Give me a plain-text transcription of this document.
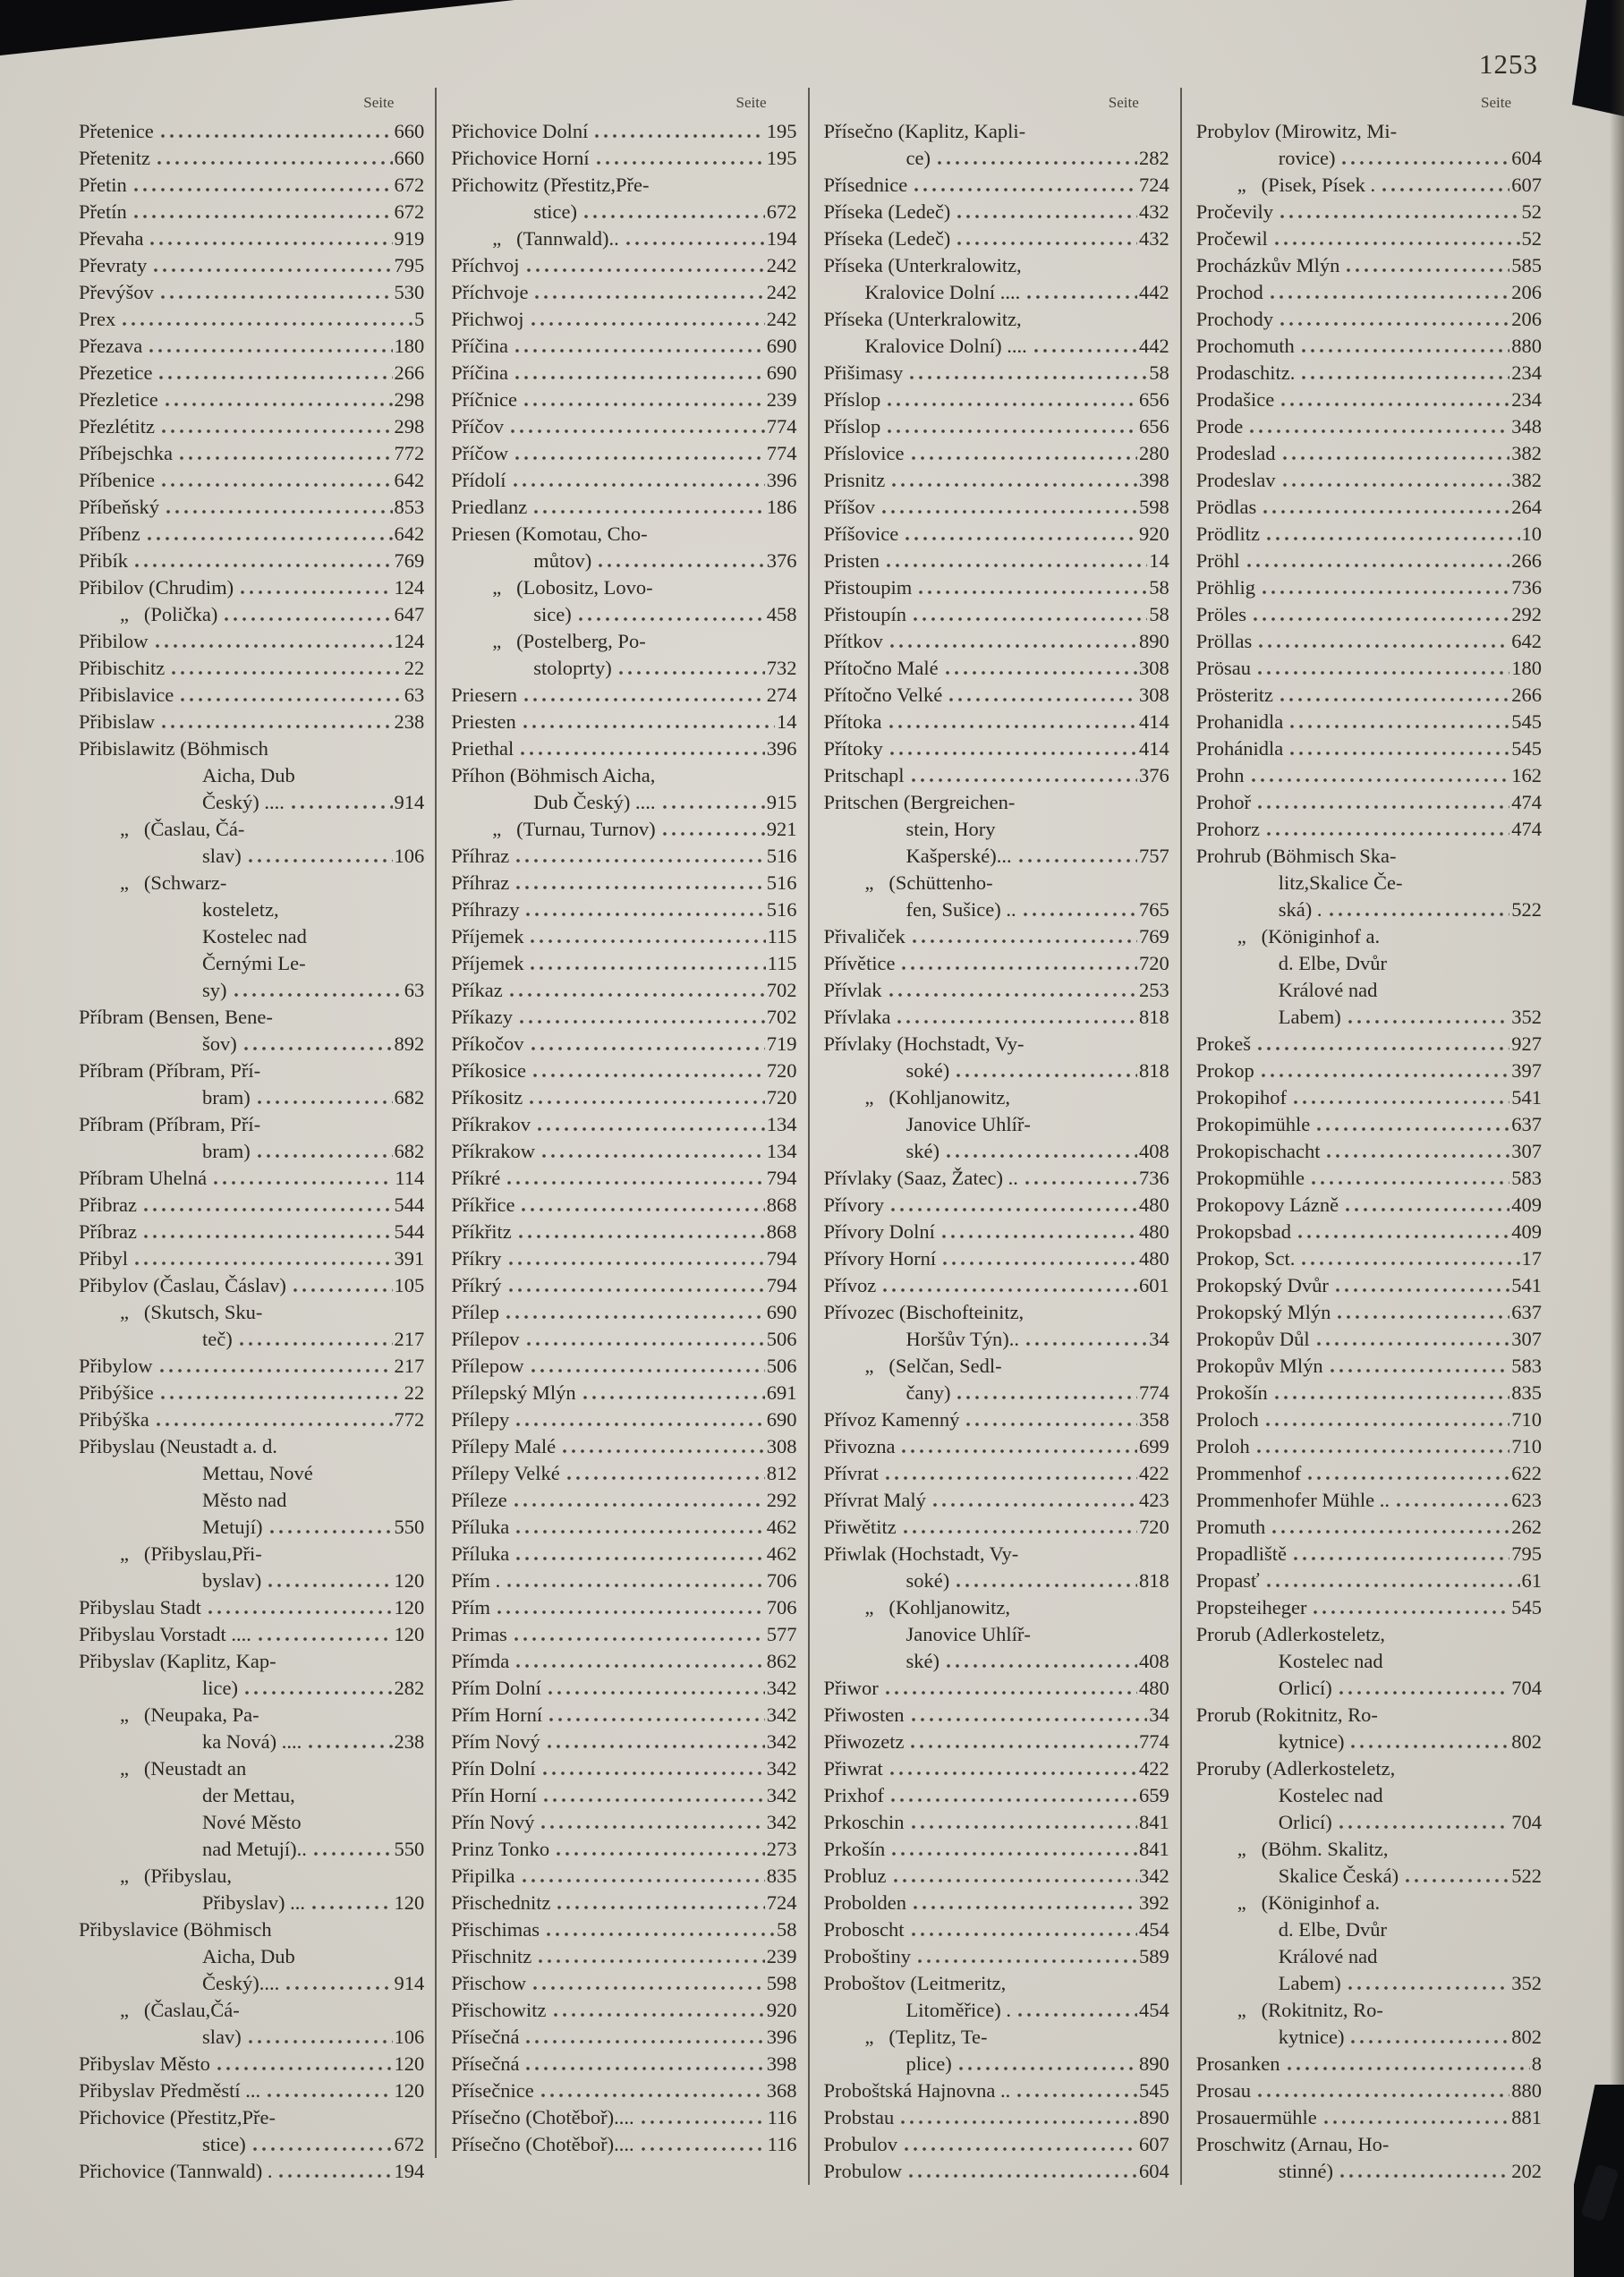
1253
Seite
Přetenice	660
Přetenitz	660
Přetin	672
Přetín	672
Převaha	919
Převraty	795
Převýšov	530
Prex	5
Přezava	180
Přezetice	266
Přezletice	298
Přezlétitz	298
Příbejschka	772
Příbenice	642
Příbeňský	853
Příbenz	642
Přibík	769
Přibilov (Chrudim)	124
„   (Polička)	647
Přibilow	124
Přibischitz	22
Přibislavice	63
Přibislaw	238
Přibislawitz (Böhmisch
Aicha, Dub
Český) ....	914
„   (Časlau, Čá-
slav)	106
„   (Schwarz-
kosteletz,
Kostelec nad
Černými Le-
sy)	63
Příbram (Bensen, Bene-
šov)	892
Příbram (Příbram, Pří-
bram)	682
Příbram (Příbram, Pří-
bram)	682
Příbram Uhelná	114
Přibraz	544
Příbraz	544
Přibyl	391
Přibylov (Časlau, Čáslav)	105
„   (Skutsch, Sku-
teč)	217
Přibylow	217
Přibýšice	22
Přibýška	772
Přibyslau (Neustadt a. d.
Mettau, Nové
Město nad
Metují)	550
„   (Přibyslau,Při-
byslav)	120
Přibyslau Stadt	120
Přibyslau Vorstadt ....	120
Přibyslav (Kaplitz, Kap-
lice)	282
„   (Neupaka, Pa-
ka Nová) ....	238
„   (Neustadt an
der Mettau,
Nové Město
nad Metují)..	550
„   (Přibyslau,
Přibyslav) ...	120
Přibyslavice (Böhmisch
Aicha, Dub
Český)....	914
„   (Časlau,Čá-
slav)	106
Přibyslav Město	120
Přibyslav Předměstí ...	120
Přichovice (Přestitz,Pře-
stice)	672
Přichovice (Tannwald) .	194
Seite
Přichovice Dolní	195
Přichovice Horní	195
Přichowitz (Přestitz,Pře-
stice)	672
„   (Tannwald)..	194
Příchvoj	242
Příchvoje	242
Přichwoj	242
Příčina	690
Příčina	690
Příčnice	239
Příčov	774
Příčow	774
Přídolí	396
Priedlanz	186
Priesen (Komotau, Cho-
můtov)	376
„   (Lobositz, Lovo-
sice)	458
„   (Postelberg, Po-
stoloprty)	732
Priesern	274
Priesten	14
Priethal	396
Příhon (Böhmisch Aicha,
Dub Český) ....	915
„   (Turnau, Turnov)	921
Příhraz	516
Příhraz	516
Příhrazy	516
Příjemek	115
Příjemek	115
Příkaz	702
Příkazy	702
Příkočov	719
Příkosice	720
Příkositz	720
Příkrakov	134
Příkrakow	134
Příkré	794
Příkřice	868
Příkřitz	868
Příkry	794
Příkrý	794
Přílep	690
Přílepov	506
Přílepow	506
Přílepský Mlýn	691
Přílepy	690
Přílepy Malé	308
Přílepy Velké	812
Příleze	292
Příluka	462
Příluka	462
Přím .	706
Přím	706
Primas	577
Přímda	862
Přím Dolní	342
Přím Horní	342
Přím Nový	342
Přín Dolní	342
Přín Horní	342
Přín Nový	342
Prinz Tonko	273
Připilka	835
Přischednitz	724
Přischimas	58
Přischnitz	239
Přischow	598
Přischowitz	920
Přísečná	396
Přísečná	398
Přísečnice	368
Přísečno (Chotěboř)....	116
Přísečno (Chotěboř)....	116
Seite
Přísečno (Kaplitz, Kapli-
ce)	282
Přísednice	724
Příseka (Ledeč)	432
Příseka (Ledeč)	432
Příseka (Unterkralowitz,
Kralovice Dolní ....	442
Příseka (Unterkralowitz,
Kralovice Dolní) ....	442
Přišimasy	58
Příslop	656
Příslop	656
Příslovice	280
Prisnitz	398
Příšov	598
Příšovice	920
Pristen	14
Přistoupim	58
Přistoupín	58
Přítkov	890
Přítočno Malé	308
Přítočno Velké	308
Přítoka	414
Přítoky	414
Pritschapl	376
Pritschen (Bergreichen-
stein, Hory
Kašperské)...	757
„   (Schüttenho-
fen, Sušice) ..	765
Přivaliček	769
Přívětice	720
Přívlak	253
Přívlaka	818
Přívlaky (Hochstadt, Vy-
soké)	818
„   (Kohljanowitz,
Janovice Uhlíř-
ské)	408
Přívlaky (Saaz, Žatec) ..	736
Přívory	480
Přívory Dolní	480
Přívory Horní	480
Přívoz	601
Přívozec (Bischofteinitz,
Horšův Týn)..	34
„   (Selčan, Sedl-
čany)	774
Přívoz Kamenný	358
Přivozna	699
Přívrat	422
Přívrat Malý	423
Přiwětitz	720
Přiwlak (Hochstadt, Vy-
soké)	818
„   (Kohljanowitz,
Janovice Uhlíř-
ské)	408
Přiwor	480
Přiwosten	34
Přiwozetz	774
Přiwrat	422
Prixhof	659
Prkoschin	841
Prkošín	841
Probluz	342
Probolden	392
Proboscht	454
Proboštiny	589
Proboštov (Leitmeritz,
Litoměřice) .	454
„   (Teplitz, Te-
plice)	890
Proboštská Hajnovna ..	545
Probstau	890
Probulov	607
Probulow	604
Seite
Probylov (Mirowitz, Mi-
rovice)	604
„   (Pisek, Písek .	607
Pročevily	52
Pročewil	52
Procházkův Mlýn	585
Prochod	206
Prochody	206
Prochomuth	880
Prodaschitz.	234
Prodašice	234
Prode	348
Prodeslad	382
Prodeslav	382
Prödlas	264
Prödlitz	10
Pröhl	266
Pröhlig	736
Pröles	292
Pröllas	642
Prösau	180
Prösteritz	266
Prohanidla	545
Prohánidla	545
Prohn	162
Prohoř	474
Prohorz	474
Prohrub (Böhmisch Ska-
litz,Skalice Če-
ská) .	522
„   (Königinhof a.
d. Elbe, Dvůr
Králové nad
Labem)	352
Prokeš	927
Prokop	397
Prokopihof	541
Prokopimühle	637
Prokopischacht	307
Prokopmühle	583
Prokopovy Lázně	409
Prokopsbad	409
Prokop, Sct.	17
Prokopský Dvůr	541
Prokopský Mlýn	637
Prokopův Důl	307
Prokopův Mlýn	583
Prokošín	835
Proloch	710
Proloh	710
Prommenhof	622
Prommenhofer Mühle ..	623
Promuth	262
Propadliště	795
Propasť	61
Propsteiheger	545
Prorub (Adlerkosteletz,
Kostelec nad
Orlicí)	704
Prorub (Rokitnitz, Ro-
kytnice)	802
Proruby (Adlerkosteletz,
Kostelec nad
Orlicí)	704
„   (Böhm. Skalitz,
Skalice Česká)	522
„   (Königinhof a.
d. Elbe, Dvůr
Králové nad
Labem)	352
„   (Rokitnitz, Ro-
kytnice)	802
Prosanken	8
Prosau	880
Prosauermühle	881
Proschwitz (Arnau, Ho-
stinné)	202
